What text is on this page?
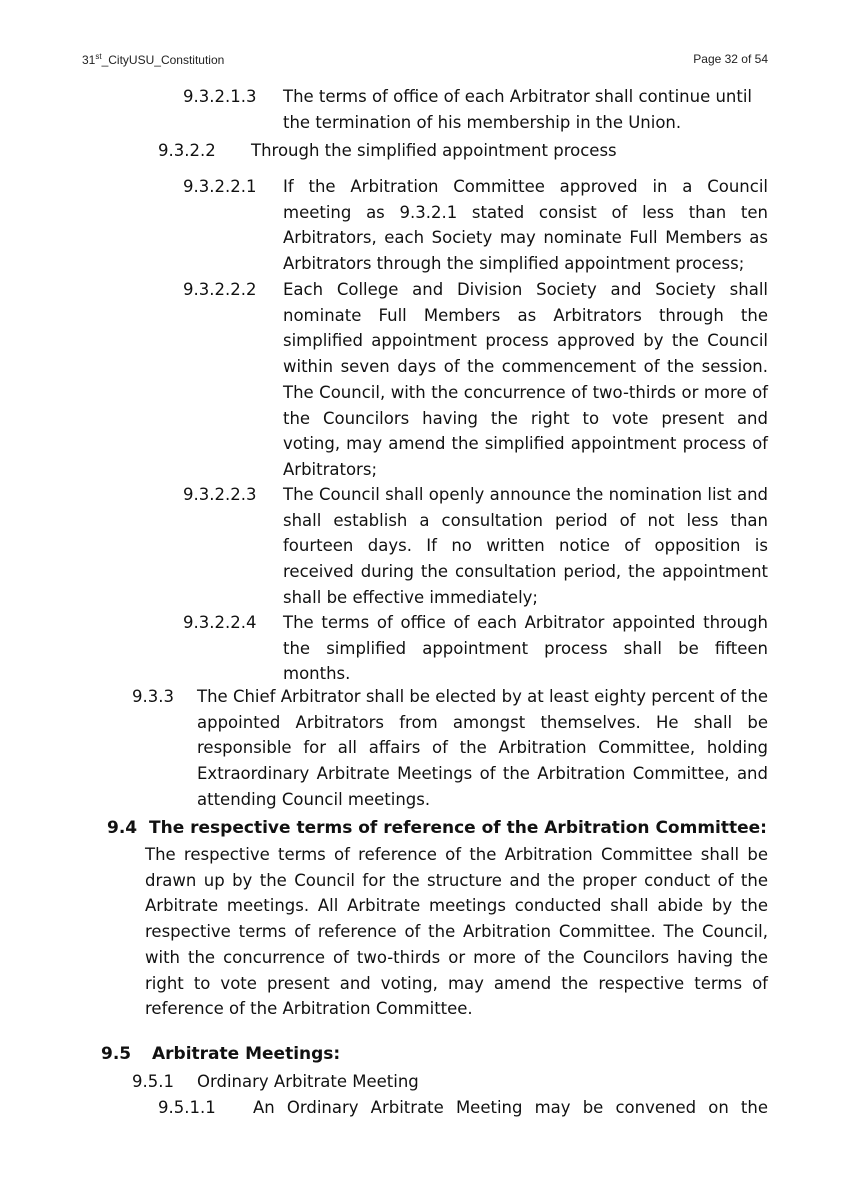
31st_CityUSU_Constitution	Page 32 of 54
9.3.2.1.3 The terms of office of each Arbitrator shall continue until the termination of his membership in the Union.
9.3.2.2 Through the simplified appointment process
9.3.2.2.1 If the Arbitration Committee approved in a Council meeting as 9.3.2.1 stated consist of less than ten Arbitrators, each Society may nominate Full Members as Arbitrators through the simplified appointment process;
9.3.2.2.2 Each College and Division Society and Society shall nominate Full Members as Arbitrators through the simplified appointment process approved by the Council within seven days of the commencement of the session. The Council, with the concurrence of two-thirds or more of the Councilors having the right to vote present and voting, may amend the simplified appointment process of Arbitrators;
9.3.2.2.3 The Council shall openly announce the nomination list and shall establish a consultation period of not less than fourteen days. If no written notice of opposition is received during the consultation period, the appointment shall be effective immediately;
9.3.2.2.4 The terms of office of each Arbitrator appointed through the simplified appointment process shall be fifteen months.
9.3.3 The Chief Arbitrator shall be elected by at least eighty percent of the appointed Arbitrators from amongst themselves. He shall be responsible for all affairs of the Arbitration Committee, holding Extraordinary Arbitrate Meetings of the Arbitration Committee, and attending Council meetings.
9.4 The respective terms of reference of the Arbitration Committee:
The respective terms of reference of the Arbitration Committee shall be drawn up by the Council for the structure and the proper conduct of the Arbitrate meetings. All Arbitrate meetings conducted shall abide by the respective terms of reference of the Arbitration Committee. The Council, with the concurrence of two-thirds or more of the Councilors having the right to vote present and voting, may amend the respective terms of reference of the Arbitration Committee.
9.5 Arbitrate Meetings:
9.5.1 Ordinary Arbitrate Meeting
9.5.1.1 An Ordinary Arbitrate Meeting may be convened on the
